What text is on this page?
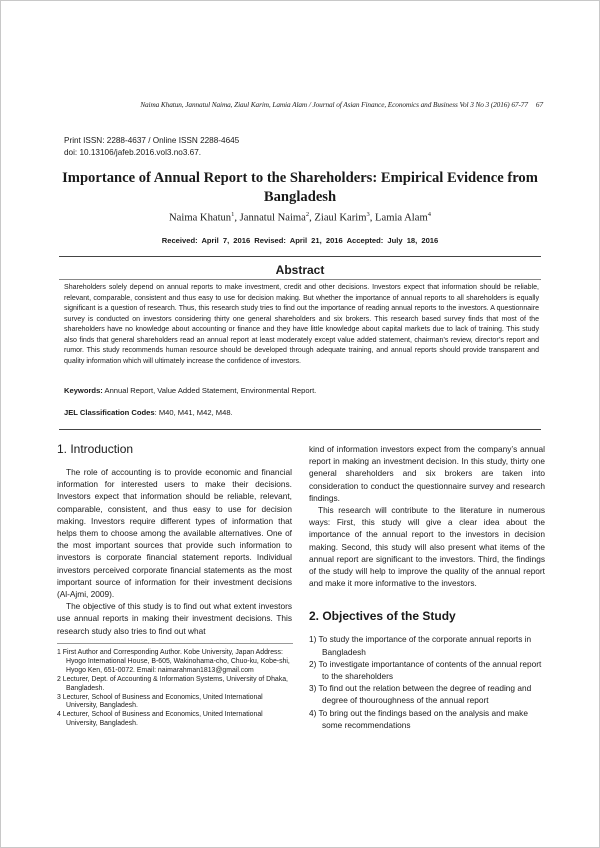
Naima Khatun, Jannatul Naima, Ziaul Karim, Lamia Alam / Journal of Asian Finance, Economics and Business Vol 3 No 3 (2016) 67-77 67
Print ISSN: 2288-4637 / Online ISSN 2288-4645
doi: 10.13106/jafeb.2016.vol3.no3.67.
Importance of Annual Report to the Shareholders: Empirical Evidence from Bangladesh
Naima Khatun$^1$, Jannatul Naima$^2$, Ziaul Karim$^3$, Lamia Alam$^4$
Received: April 7, 2016 Revised: April 21, 2016 Accepted: July 18, 2016
Abstract
Shareholders solely depend on annual reports to make investment, credit and other decisions. Investors expect that information should be reliable, relevant, comparable, consistent and thus easy to use for decision making. But whether the importance of annual reports to all shareholders is equally significant is a question of research. Thus, this research study tries to find out the importance of reading annual reports to the investors. A questionnaire survey is conducted on investors considering thirty one general shareholders and six brokers. This research based survey finds that most of the shareholders have no knowledge about accounting or finance and they have little knowledge about capital markets due to lack of training. This study also finds that general shareholders read an annual report at least moderately except value added statement, chairman’s review, director’s report and rumor. This study recommends human resource should be developed through adequate training, and annual reports should provide transparent and quality information which will ultimately increase the confidence of investors.
Keywords: Annual Report, Value Added Statement, Environmental Report.
JEL Classification Codes: M40, M41, M42, M48.
1. Introduction

The role of accounting is to provide economic and financial information for interested users to make their decisions. Investors expect that information should be reliable, relevant, comparable, consistent, and thus easy to use for decision making. Investors require different types of information that helps them to choose among the available alternatives. One of the most important sources that provide such information to investors is corporate financial statement reports. Individual investors perceived corporate financial statements as the most important source of information for their investment decisions (Al-Ajmi, 2009).

The objective of this study is to find out what extent investors use annual reports in making their investment decisions. This research study also tries to find out what

1 First Author and Corresponding Author. Kobe University, Japan Address: Hyogo International House, B-605, Wakinohama-cho, Chuo-ku, Kobe-shi, Hyogo Ken, 651-0072. Email: naimarahman1813@gmail.com
2 Lecturer, Dept. of Accounting & Information Systems, University of Dhaka, Bangladesh.
3 Lecturer, School of Business and Economics, United International University, Bangladesh.
4 Lecturer, School of Business and Economics, United International University, Bangladesh.

kind of information investors expect from the company’s annual report in making an investment decision. In this study, thirty one general shareholders and six brokers are taken into consideration to conduct the questionnaire survey and research findings.

This research will contribute to the literature in numerous ways: First, this study will give a clear idea about the importance of the annual report to the investors in decision making. Second, this study will also present what items of the annual report are significant to the investors. Third, the findings of the study will help to improve the quality of the annual report and make it more informative to the investors.

2. Objectives of the Study
1) To study the importance of the corporate annual reports in Bangladesh
2) To investigate importantance of contents of the annual report to the shareholders
3) To find out the relation between the degree of reading and degree of thouroughness of the annual report
4) To bring out the findings based on the analysis and make some recommendations
